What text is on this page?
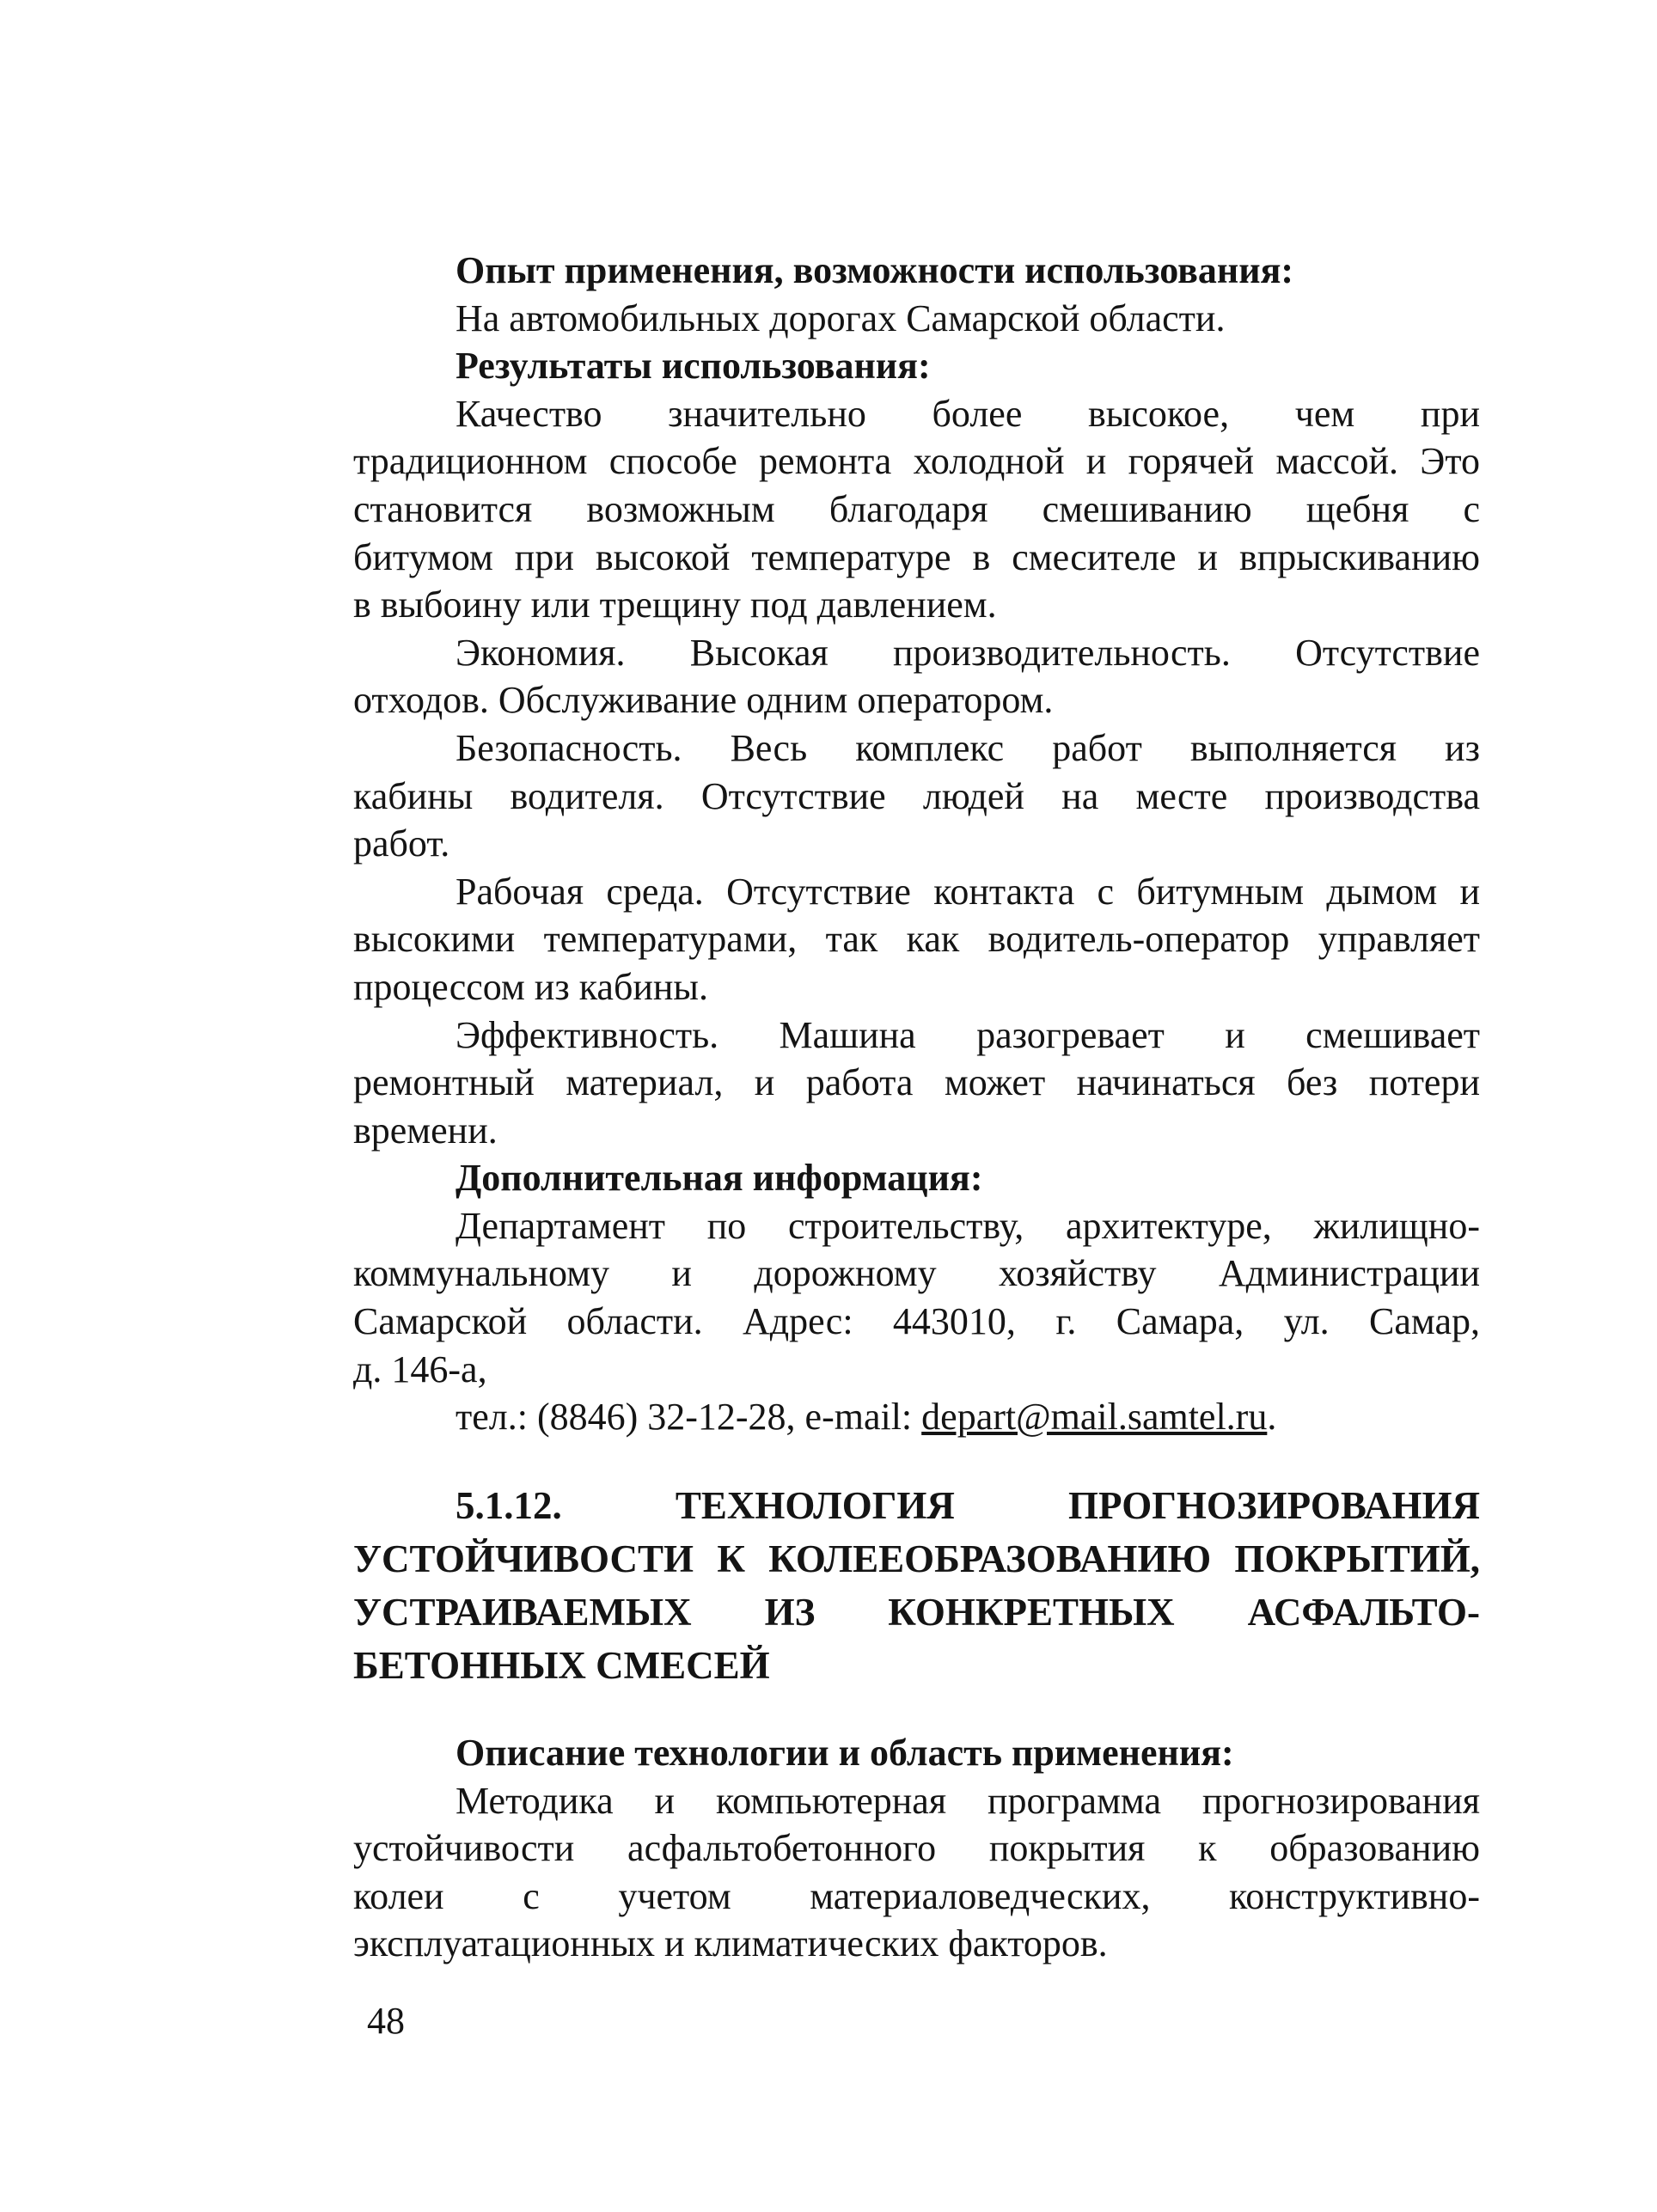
Опыт применения, возможности использования:
На автомобильных дорогах Самарской области.
Результаты использования:
Качество значительно более высокое, чем при
традиционном способе ремонта холодной и горячей массой. Это
становится возможным благодаря смешиванию щебня с
битумом при высокой температуре в смесителе и впрыскиванию
в выбоину или трещину под давлением.
Экономия. Высокая производительность. Отсутствие
отходов. Обслуживание одним оператором.
Безопасность. Весь комплекс работ выполняется из
кабины водителя. Отсутствие людей на месте производства
работ.
Рабочая среда. Отсутствие контакта с битумным дымом и
высокими температурами, так как водитель-оператор управляет
процессом из кабины.
Эффективность. Машина разогревает и смешивает
ремонтный материал, и работа может начинаться без потери
времени.
Дополнительная информация:
Департамент по строительству, архитектуре, жилищно-
коммунальному и дорожному хозяйству Администрации
Самарской области. Адрес: 443010, г. Самара, ул. Самар,
д. 146-а,
тел.: (8846) 32-12-28, e-mail: depart@mail.samtel.ru.
5.1.12. ТЕХНОЛОГИЯ ПРОГНОЗИРОВАНИЯ
УСТОЙЧИВОСТИ К КОЛЕЕОБРАЗОВАНИЮ ПОКРЫТИЙ,
УСТРАИВАЕМЫХ ИЗ КОНКРЕТНЫХ АСФАЛЬТО-
БЕТОННЫХ СМЕСЕЙ
Описание технологии и область применения:
Методика и компьютерная программа прогнозирования
устойчивости асфальтобетонного покрытия к образованию
колеи с учетом материаловедческих, конструктивно-
эксплуатационных и климатических факторов.
48
